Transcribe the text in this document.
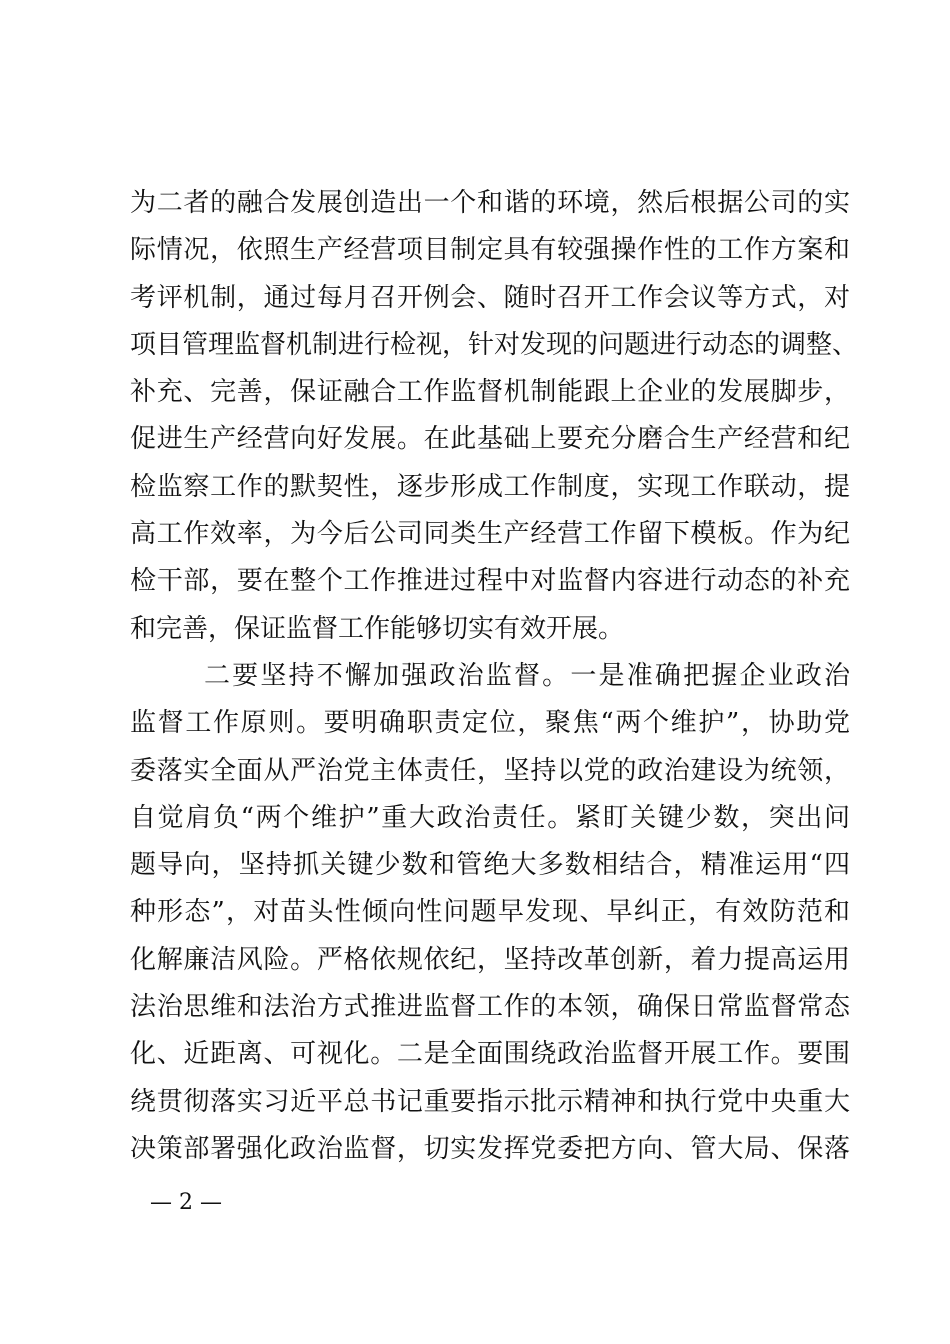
为二者的融合发展创造出一个和谐的环境，然后根据公司的实
际情况，依照生产经营项目制定具有较强操作性的工作方案和
考评机制，通过每月召开例会、随时召开工作会议等方式，对
项目管理监督机制进行检视，针对发现的问题进行动态的调整、
补充、完善，保证融合工作监督机制能跟上企业的发展脚步，
促进生产经营向好发展。在此基础上要充分磨合生产经营和纪
检监察工作的默契性，逐步形成工作制度，实现工作联动，提
高工作效率，为今后公司同类生产经营工作留下模板。作为纪
检干部，要在整个工作推进过程中对监督内容进行动态的补充
和完善，保证监督工作能够切实有效开展。
二要坚持不懈加强政治监督。一是准确把握企业政治
监督工作原则。要明确职责定位，聚焦“两个维护”，协助党
委落实全面从严治党主体责任，坚持以党的政治建设为统领，
自觉肩负“两个维护”重大政治责任。紧盯关键少数，突出问
题导向，坚持抓关键少数和管绝大多数相结合，精准运用“四
种形态”，对苗头性倾向性问题早发现、早纠正，有效防范和
化解廉洁风险。严格依规依纪，坚持改革创新，着力提高运用
法治思维和法治方式推进监督工作的本领，确保日常监督常态
化、近距离、可视化。二是全面围绕政治监督开展工作。要围
绕贯彻落实习近平总书记重要指示批示精神和执行党中央重大
决策部署强化政治监督，切实发挥党委把方向、管大局、保落
— 2 —
